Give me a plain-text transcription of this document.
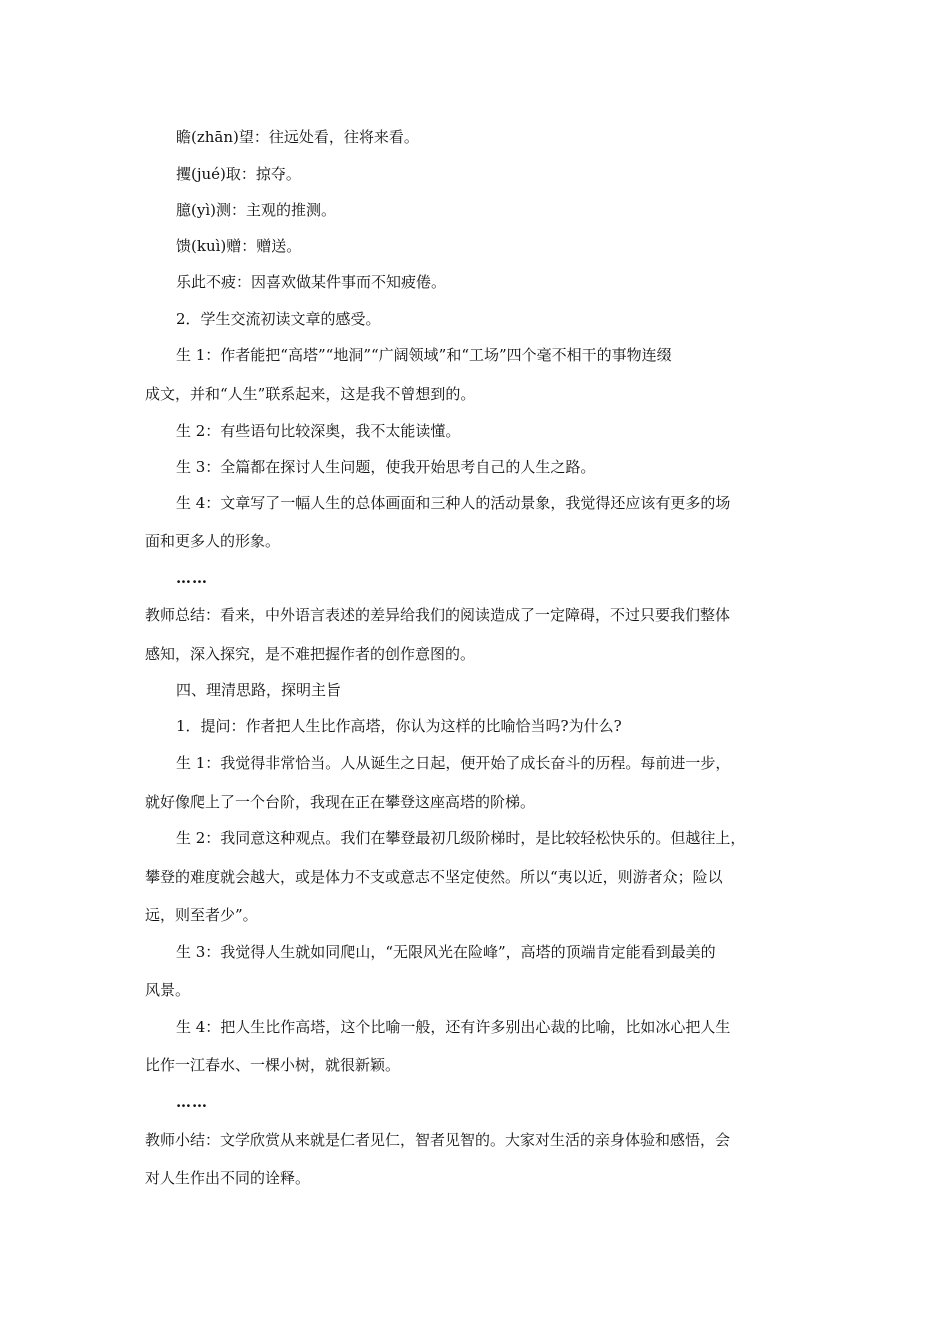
瞻(zhān)望：往远处看，往将来看。
攫(jué)取：掠夺。
臆(yì)测：主观的推测。
馈(kuì)赠：赠送。
乐此不疲：因喜欢做某件事而不知疲倦。
2．学生交流初读文章的感受。
生 1：作者能把“高塔”“地洞”“广阔领域”和“工场”四个毫不相干的事物连缀
成文，并和“人生”联系起来，这是我不曾想到的。
生 2：有些语句比较深奥，我不太能读懂。
生 3：全篇都在探讨人生问题，使我开始思考自己的人生之路。
生 4：文章写了一幅人生的总体画面和三种人的活动景象，我觉得还应该有更多的场
面和更多人的形象。
……
教师总结：看来，中外语言表述的差异给我们的阅读造成了一定障碍，不过只要我们整体
感知，深入探究，是不难把握作者的创作意图的。
四、理清思路，探明主旨
1．提问：作者把人生比作高塔，你认为这样的比喻恰当吗?为什么?
生 1：我觉得非常恰当。人从诞生之日起，便开始了成长奋斗的历程。每前进一步，
就好像爬上了一个台阶，我现在正在攀登这座高塔的阶梯。
生 2：我同意这种观点。我们在攀登最初几级阶梯时，是比较轻松快乐的。但越往上，
攀登的难度就会越大，或是体力不支或意志不坚定使然。所以“夷以近，则游者众；险以
远，则至者少”。
生 3：我觉得人生就如同爬山，“无限风光在险峰”，高塔的顶端肯定能看到最美的
风景。
生 4：把人生比作高塔，这个比喻一般，还有许多别出心裁的比喻，比如冰心把人生
比作一江春水、一棵小树，就很新颖。
……
教师小结：文学欣赏从来就是仁者见仁，智者见智的。大家对生活的亲身体验和感悟，会
对人生作出不同的诠释。
